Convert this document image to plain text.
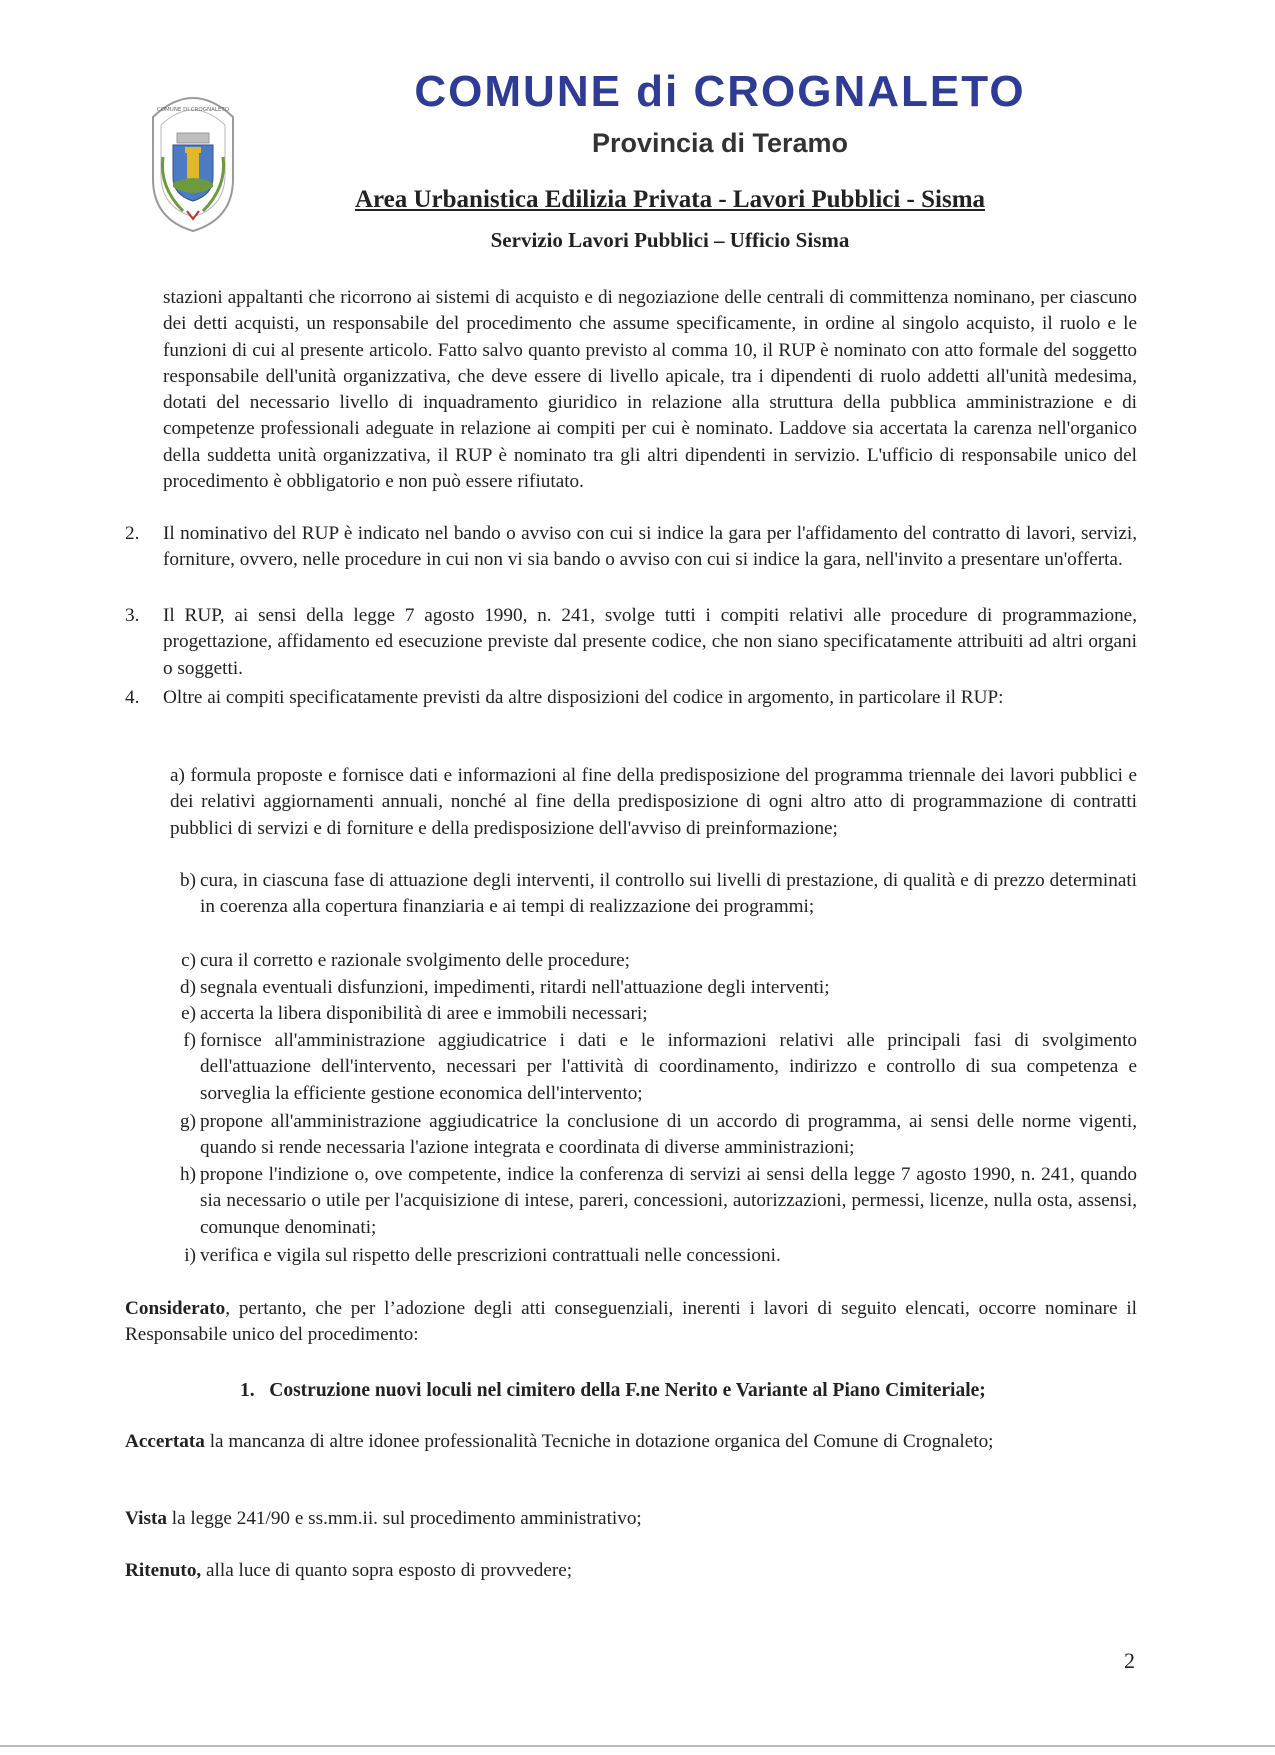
COMUNE DI CROGNALETO	COMUNE di CROGNALETO
Provincia di Teramo
Area Urbanistica Edilizia Privata - Lavori Pubblici - Sisma
Servizio Lavori Pubblici – Ufficio Sisma
stazioni appaltanti che ricorrono ai sistemi di acquisto e di negoziazione delle centrali di committenza nominano, per ciascuno dei detti acquisti, un responsabile del procedimento che assume specificamente, in ordine al singolo acquisto, il ruolo e le funzioni di cui al presente articolo. Fatto salvo quanto previsto al comma 10, il RUP è nominato con atto formale del soggetto responsabile dell'unità organizzativa, che deve essere di livello apicale, tra i dipendenti di ruolo addetti all'unità medesima, dotati del necessario livello di inquadramento giuridico in relazione alla struttura della pubblica amministrazione e di competenze professionali adeguate in relazione ai compiti per cui è nominato. Laddove sia accertata la carenza nell'organico della suddetta unità organizzativa, il RUP è nominato tra gli altri dipendenti in servizio. L'ufficio di responsabile unico del procedimento è obbligatorio e non può essere rifiutato.
2.	Il nominativo del RUP è indicato nel bando o avviso con cui si indice la gara per l'affidamento del contratto di lavori, servizi, forniture, ovvero, nelle procedure in cui non vi sia bando o avviso con cui si indice la gara, nell'invito a presentare un'offerta.
3.	Il RUP, ai sensi della legge 7 agosto 1990, n. 241, svolge tutti i compiti relativi alle procedure di programmazione, progettazione, affidamento ed esecuzione previste dal presente codice, che non siano specificatamente attribuiti ad altri organi o soggetti.
4.	Oltre ai compiti specificatamente previsti da altre disposizioni del codice in argomento, in particolare il RUP:
a) formula proposte e fornisce dati e informazioni al fine della predisposizione del programma triennale dei lavori pubblici e dei relativi aggiornamenti annuali, nonché al fine della predisposizione di ogni altro atto di programmazione di contratti pubblici di servizi e di forniture e della predisposizione dell'avviso di preinformazione;
b) cura, in ciascuna fase di attuazione degli interventi, il controllo sui livelli di prestazione, di qualità e di prezzo determinati in coerenza alla copertura finanziaria e ai tempi di realizzazione dei programmi;
c) cura il corretto e razionale svolgimento delle procedure;
d) segnala eventuali disfunzioni, impedimenti, ritardi nell'attuazione degli interventi;
e) accerta la libera disponibilità di aree e immobili necessari;
f) fornisce all'amministrazione aggiudicatrice i dati e le informazioni relativi alle principali fasi di svolgimento dell'attuazione dell'intervento, necessari per l'attività di coordinamento, indirizzo e controllo di sua competenza e sorveglia la efficiente gestione economica dell'intervento;
g) propone all'amministrazione aggiudicatrice la conclusione di un accordo di programma, ai sensi delle norme vigenti, quando si rende necessaria l'azione integrata e coordinata di diverse amministrazioni;
h) propone l'indizione o, ove competente, indice la conferenza di servizi ai sensi della legge 7 agosto 1990, n. 241, quando sia necessario o utile per l'acquisizione di intese, pareri, concessioni, autorizzazioni, permessi, licenze, nulla osta, assensi, comunque denominati;
i) verifica e vigila sul rispetto delle prescrizioni contrattuali nelle concessioni.
Considerato, pertanto, che per l’adozione degli atti conseguenziali, inerenti i lavori di seguito elencati, occorre nominare il Responsabile unico del procedimento:
1. Costruzione nuovi loculi nel cimitero della F.ne Nerito e Variante al Piano Cimiteriale;
Accertata la mancanza di altre idonee professionalità Tecniche in dotazione organica del Comune di Crognaleto;
Vista la legge 241/90 e ss.mm.ii. sul procedimento amministrativo;
Ritenuto, alla luce di quanto sopra esposto di provvedere;
2
